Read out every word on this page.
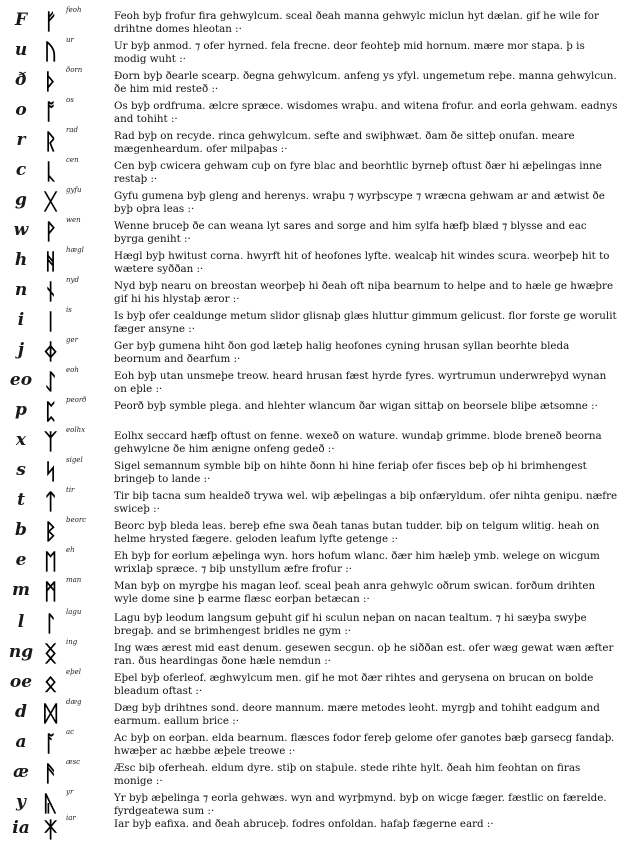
F ᚠ	feoh	Feoh byþ frofur fira gehwylcum. sceal ðeah manna gehwylc miclun hyt dælan. gif he wile for drihtne domes hleotan :·
u ᚢ	ur	Ur byþ anmod. ⁊ ofer hyrned. fela frecne. deor feohteþ mid hornum. mære mor stapa. þ is modig wuht :·
ð ᚦ	ðorn	Ðorn byþ ðearle scearp. ðegna gehwylcum. anfeng ys yfyl. ungemetum reþe. manna gehwylcun. ðe him mid resteð :·
o ᚩ	os	Os byþ ordfruma. ælcre spræce. wisdomes wraþu. and witena frofur. and eorla gehwam. eadnys and tohiht :·
r ᚱ	rad	Rad byþ on recyde. rinca gehwylcum. sefte and swiþhwæt. ðam ðe sitteþ onufan. meare mægenheardum. ofer milpaþas :·
c ᚳ	cen	Cen byþ cwicera gehwam cuþ on fyre blac and beorhtlic byrneþ oftust ðær hi æþelingas inne restaþ :·
g ᚷ	gyfu	Gyfu gumena byþ gleng and herenys. wraþu ⁊ wyrþscype ⁊ wræcna gehwam ar and ætwist ðe byþ oþra leas :·
w ᚹ	wen	Wenne bruceþ ðe can weana lyt sares and sorge and him sylfa hæfþ blæd ⁊ blysse and eac byrga geniht :·
h ᚻ	hægl	Hægl byþ hwitust corna. hwyrft hit of heofones lyfte. wealcaþ hit windes scura. weorþeþ hit to wætere syððan :·
n ᚾ	nyd	Nyd byþ nearu on breostan weorþeþ hi ðeah oft niþa bearnum to helpe and to hæle ge hwæþre gif hi his hlystaþ æror :·
i ᛁ	is	Is byþ ofer cealdunge metum slidor glisnaþ glæs hluttur gimmum gelicust. flor forste ge worulit fæger ansyne :·
j ᛄ	ger	Ger byþ gumena hiht ðon god læteþ halig heofones cyning hrusan syllan beorhte bleda beornum and ðearfum :·
eo ᛇ	eoh	Eoh byþ utan unsmeþe treow. heard hrusan fæst hyrde fyres. wyrtrumun underwreþyd wynan on eþle :·
p ᛈ	peorð	Peorð byþ symble plega. and hlehter wlancum ðar wigan sittaþ on beorsele bliþe ætsomne :·
x ᛉ	eolhx	Eolhx seccard hæfþ oftust on fenne. wexeð on wature. wundaþ grimme. blode breneð beorna gehwylcne ðe him ænigne onfeng gedeð :·
s ᛋ	sigel	Sigel semannum symble biþ on hihte ðonn hi hine feriaþ ofer fisces beþ oþ hi brimhengest bringeþ to lande :·
t ᛏ	tir	Tir biþ tacna sum healdeð trywa wel. wiþ æþelingas a biþ onfæryldum. ofer nihta genipu. næfre swiceþ :·
b ᛒ	beorc	Beorc byþ bleda leas. bereþ efne swa ðeah tanas butan tudder. biþ on telgum wlitig. heah on helme hrysted fægere. geloden leafum lyfte getenge :·
e ᛖ	eh	Eh byþ for eorlum æþelinga wyn. hors hofum wlanc. ðær him hæleþ ymb. welege on wicgum wrixlaþ spræce. ⁊ biþ unstyllum æfre frofur :·
m ᛗ	man	Man byþ on myrgþe his magan leof. sceal þeah anra gehwylc oðrum swican. forðum drihten wyle dome sine þ earme flæsc eorþan betæcan :·
l ᛚ	lagu	Lagu byþ leodum langsum geþuht gif hi sculun neþan on nacan tealtum. ⁊ hi sæyþa swyþe bregaþ. and se brimhengest bridles ne gym :·
ng ᛝ	ing	Ing wæs ærest mid east denum. gesewen secgun. oþ he siððan est. ofer wæg gewat wæn æfter ran. ðus heardingas ðone hæle nemdun :·
oe ᛟ	eþel	Eþel byþ oferleof. æghwylcum men. gif he mot ðær rihtes and gerysena on brucan on bolde bleadum oftast :·
d ᛞ	dæg	Dæg byþ drihtnes sond. deore mannum. mære metodes leoht. myrgþ and tohiht eadgum and earmum. eallum brice :·
a ᚪ	ac	Ac byþ on eorþan. elda bearnum. flæsces fodor fereþ gelome ofer ganotes bæþ garsecg fandaþ. hwæþer ac hæbbe æþele treowe :·
æ ᚫ	æsc	Æsc biþ oferheah. eldum dyre. stiþ on staþule. stede rihte hylt. ðeah him feohtan on firas monige :·
y ᚣ	yr	Yr byþ æþelinga ⁊ eorla gehwæs. wyn and wyrþmynd. byþ on wicge fæger. fæstlic on færelde. fyrdgeatewa sum :·
ia ᛡ	iar	Iar byþ eafixa. and ðeah abruceþ. fodres onfoldan. hafaþ fægerne eard :·
